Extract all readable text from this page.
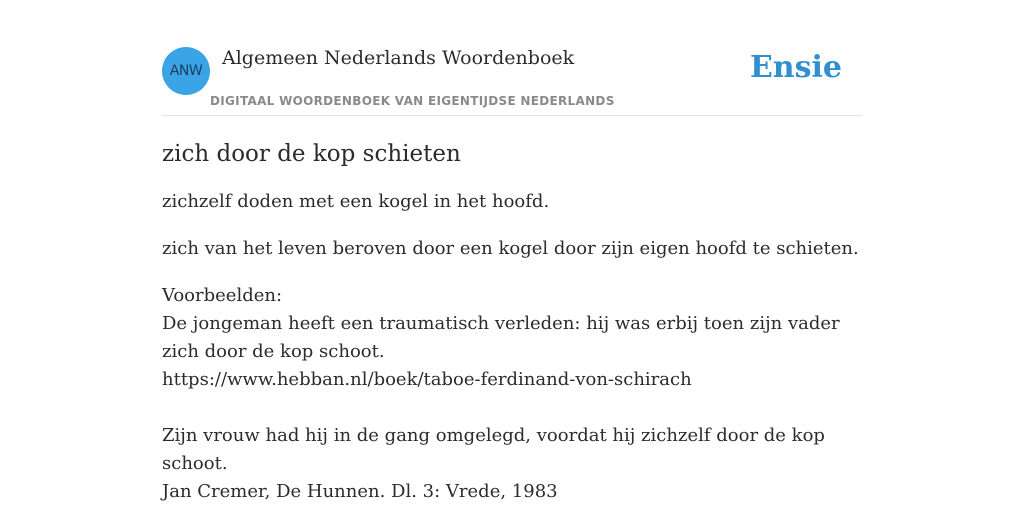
ANW
Algemeen Nederlands Woordenboek
DIGITAAL WOORDENBOEK VAN EIGENTIJDSE NEDERLANDS
Ensie
zich door de kop schieten

zichzelf doden met een kogel in het hoofd.

zich van het leven beroven door een kogel door zijn eigen hoofd te schieten.

Voorbeelden:
De jongeman heeft een traumatisch verleden: hij was erbij toen zijn vader zich door de kop schoot.
https://www.hebban.nl/boek/taboe-ferdinand-von-schirach
Zijn vrouw had hij in de gang omgelegd, voordat hij zichzelf door de kop schoot.
Jan Cremer, De Hunnen. Dl. 3: Vrede, 1983
